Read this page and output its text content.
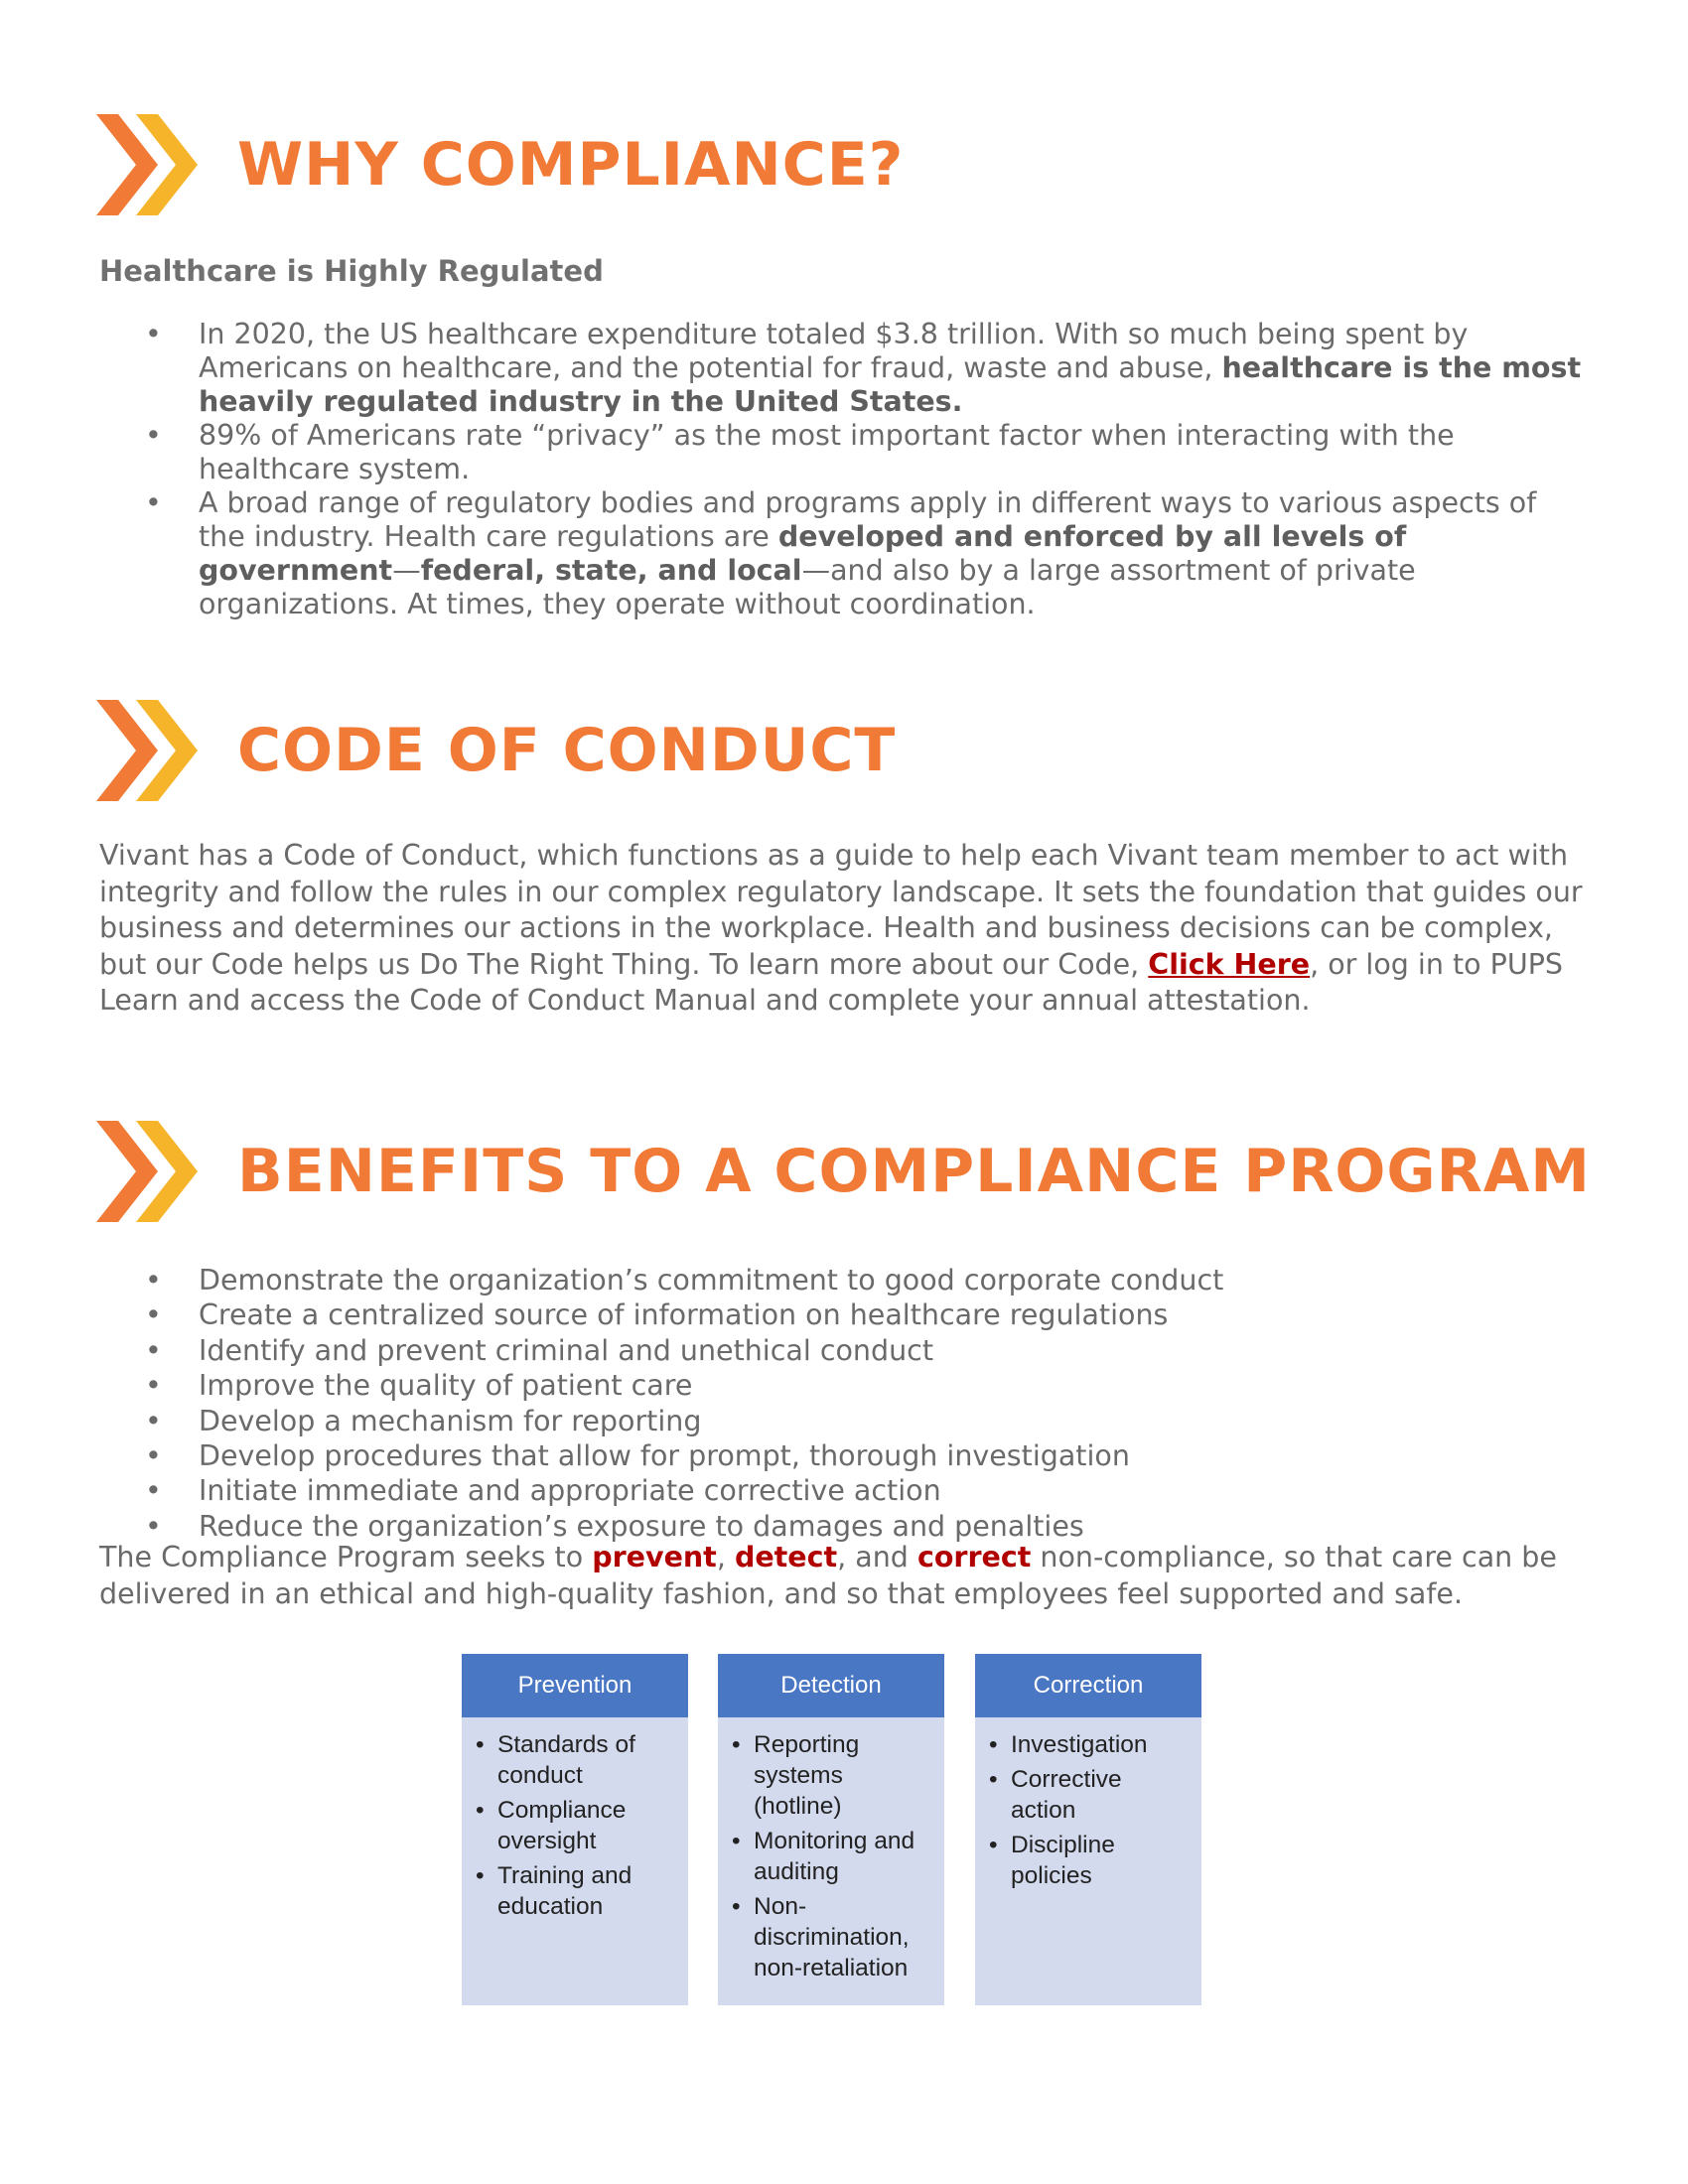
WHY COMPLIANCE?
Healthcare is Highly Regulated
• In 2020, the US healthcare expenditure totaled $3.8 trillion. With so much being spent by Americans on healthcare, and the potential for fraud, waste and abuse, healthcare is the most heavily regulated industry in the United States.
• 89% of Americans rate “privacy” as the most important factor when interacting with the healthcare system.
• A broad range of regulatory bodies and programs apply in different ways to various aspects of the industry. Health care regulations are developed and enforced by all levels of government—federal, state, and local—and also by a large assortment of private organizations. At times, they operate without coordination.
CODE OF CONDUCT
Vivant has a Code of Conduct, which functions as a guide to help each Vivant team member to act with integrity and follow the rules in our complex regulatory landscape. It sets the foundation that guides our business and determines our actions in the workplace. Health and business decisions can be complex, but our Code helps us Do The Right Thing. To learn more about our Code, Click Here, or log in to PUPS Learn and access the Code of Conduct Manual and complete your annual attestation.
BENEFITS TO A COMPLIANCE PROGRAM
• Demonstrate the organization’s commitment to good corporate conduct
• Create a centralized source of information on healthcare regulations
• Identify and prevent criminal and unethical conduct
• Improve the quality of patient care
• Develop a mechanism for reporting
• Develop procedures that allow for prompt, thorough investigation
• Initiate immediate and appropriate corrective action
• Reduce the organization’s exposure to damages and penalties
The Compliance Program seeks to prevent, detect, and correct non-compliance, so that care can be delivered in an ethical and high-quality fashion, and so that employees feel supported and safe.
Prevention
• Standards of conduct
• Compliance oversight
• Training and education
Detection
• Reporting systems (hotline)
• Monitoring and auditing
• Non-discrimination, non-retaliation
Correction
• Investigation
• Corrective action
• Discipline policies
